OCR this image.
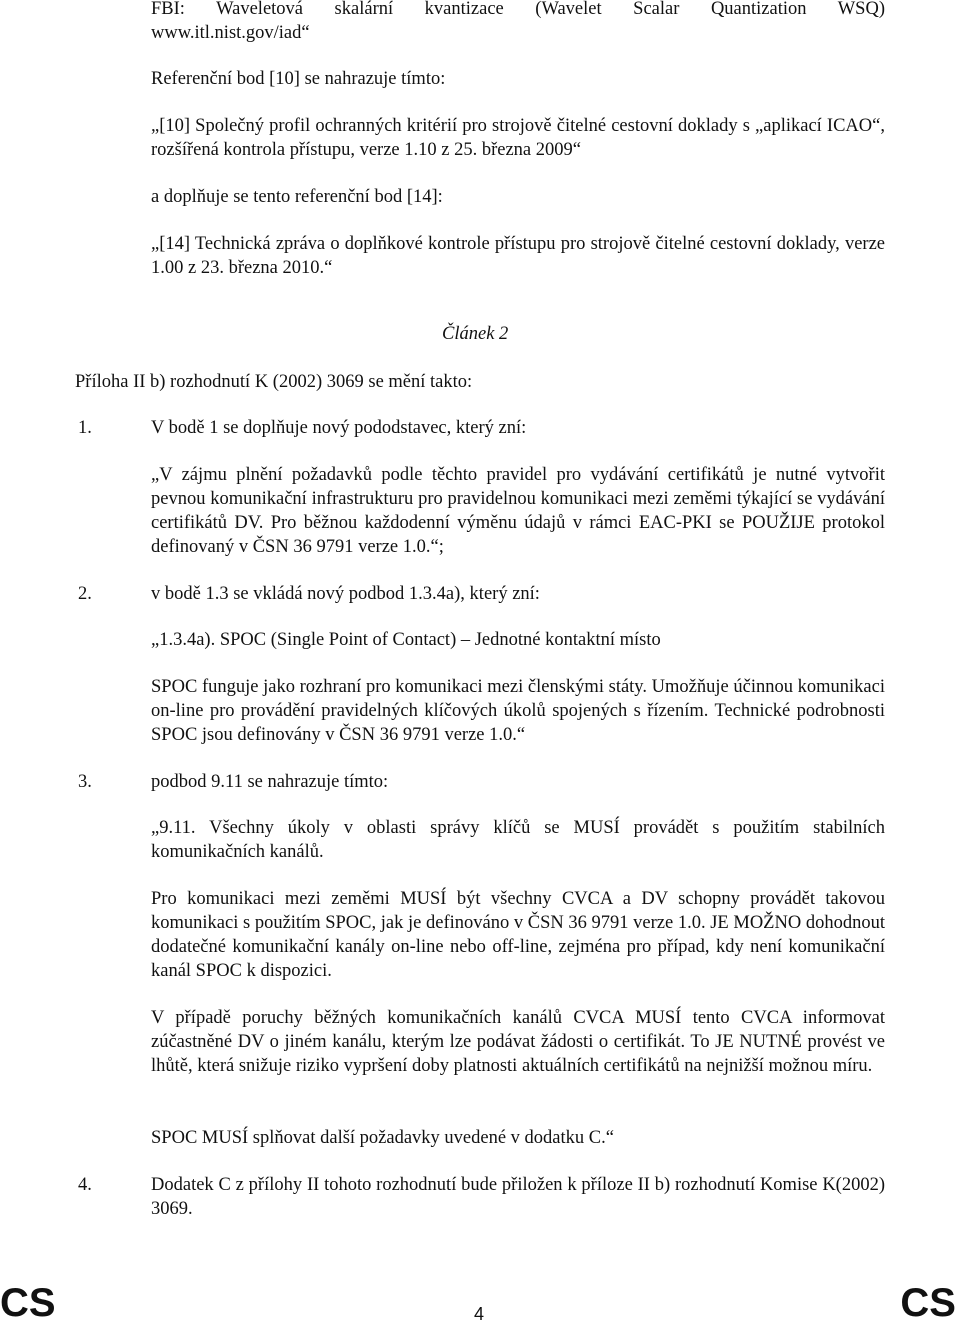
FBI: Waveletová skalární kvantizace (Wavelet Scalar Quantization WSQ)

www.itl.nist.gov/iad“

Referenční bod [10] se nahrazuje tímto:

„[10] Společný profil ochranných kritérií pro strojově čitelné cestovní doklady s „aplikací ICAO“, rozšířená kontrola přístupu, verze 1.10 z 25. března 2009“

a doplňuje se tento referenční bod [14]:

„[14] Technická zpráva o doplňkové kontrole přístupu pro strojově čitelné cestovní doklady, verze 1.00 z 23. března 2010.“

Článek 2
Příloha II b) rozhodnutí K (2002) 3069 se mění takto:
1.	V bodě 1 se doplňuje nový pododstavec, který zní:

„V zájmu plnění požadavků podle těchto pravidel pro vydávání certifikátů je nutné vytvořit pevnou komunikační infrastrukturu pro pravidelnou komunikaci mezi zeměmi týkající se vydávání certifikátů DV. Pro běžnou každodenní výměnu údajů v rámci EAC-PKI se POUŽIJE protokol definovaný v ČSN 36 9791 verze 1.0.“;

2.	v bodě 1.3 se vkládá nový podbod 1.3.4a), který zní:

„1.3.4a). SPOC (Single Point of Contact) – Jednotné kontaktní místo

SPOC funguje jako rozhraní pro komunikaci mezi členskými státy. Umožňuje účinnou komunikaci on-line pro provádění pravidelných klíčových úkolů spojených s řízením. Technické podrobnosti SPOC jsou definovány v ČSN 36 9791 verze 1.0.“

3.	podbod 9.11 se nahrazuje tímto:

„9.11. Všechny úkoly v oblasti správy klíčů se MUSÍ provádět s použitím stabilních komunikačních kanálů.

Pro komunikaci mezi zeměmi MUSÍ být všechny CVCA a DV schopny provádět takovou komunikaci s použitím SPOC, jak je definováno v ČSN 36 9791 verze 1.0. JE MOŽNO dohodnout dodatečné komunikační kanály on-line nebo off-line, zejména pro případ, kdy není komunikační kanál SPOC k dispozici.

V případě poruchy běžných komunikačních kanálů CVCA MUSÍ tento CVCA informovat zúčastněné DV o jiném kanálu, kterým lze podávat žádosti o certifikát. To JE NUTNÉ provést ve lhůtě, která snižuje riziko vypršení doby platnosti aktuálních certifikátů na nejnižší možnou míru.

SPOC MUSÍ splňovat další požadavky uvedené v dodatku C.“

4.	Dodatek C z přílohy II tohoto rozhodnutí bude přiložen k příloze II b) rozhodnutí Komise K(2002) 3069.

CS	4	CS
